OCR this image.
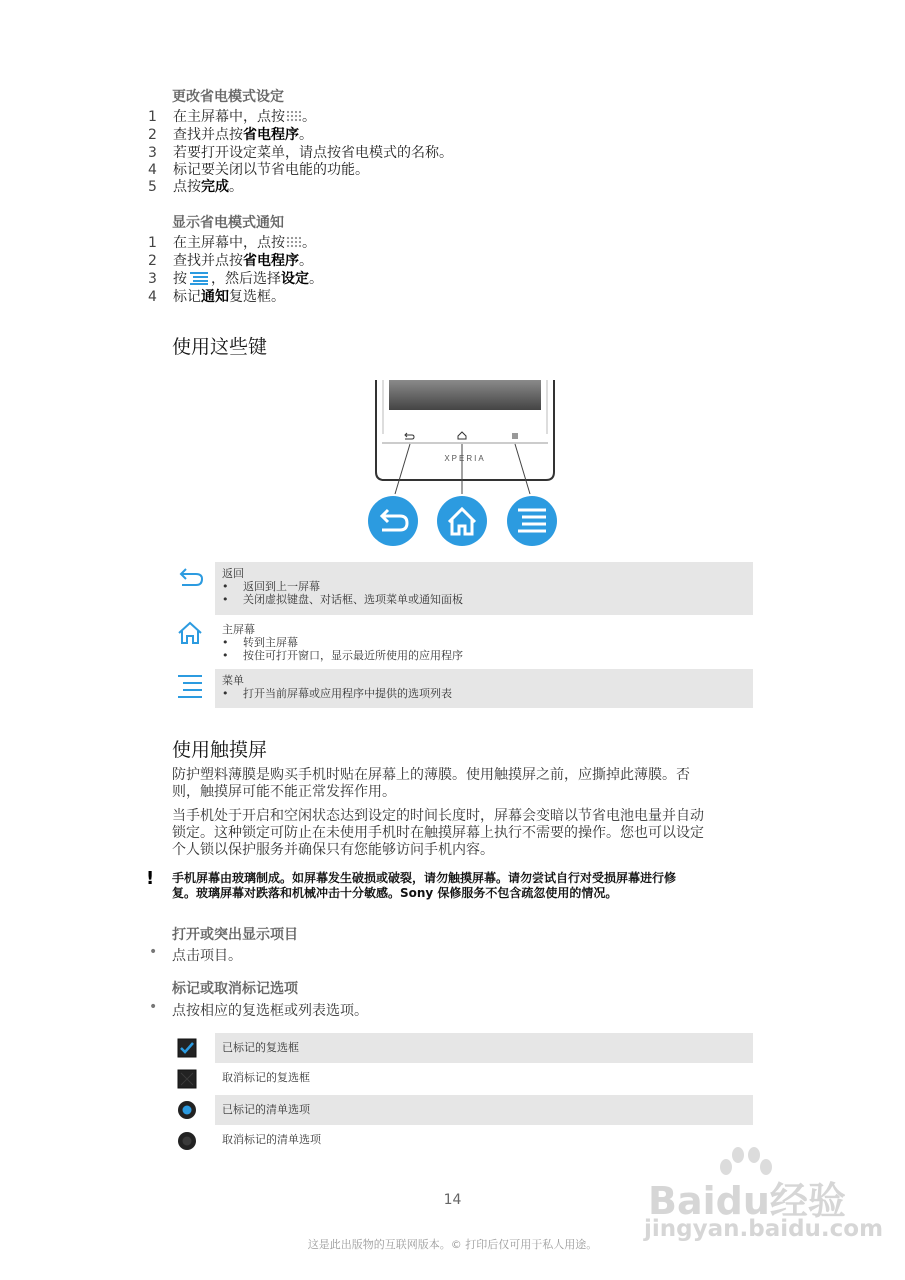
更改省电模式设定
1 在主屏幕中，点按 。
2 查找并点按省电程序。
3 若要打开设定菜单，请点按省电模式的名称。
4 标记要关闭以节省电能的功能。
5 点按完成。
显示省电模式通知
1 在主屏幕中，点按 。
2 查找并点按省电程序。
3 按 ，然后选择设定。
4 标记通知复选框。
使用这些键
XPERIA
返回
• 返回到上一屏幕
• 关闭虚拟键盘、对话框、选项菜单或通知面板
主屏幕
• 转到主屏幕
• 按住可打开窗口，显示最近所使用的应用程序
菜单
• 打开当前屏幕或应用程序中提供的选项列表
使用触摸屏
防护塑料薄膜是购买手机时贴在屏幕上的薄膜。使用触摸屏之前，应撕掉此薄膜。否
则，触摸屏可能不能正常发挥作用。
当手机处于开启和空闲状态达到设定的时间长度时，屏幕会变暗以节省电池电量并自动
锁定。这种锁定可防止在未使用手机时在触摸屏幕上执行不需要的操作。您也可以设定
个人锁以保护服务并确保只有您能够访问手机内容。
! 手机屏幕由玻璃制成。如屏幕发生破损或破裂，请勿触摸屏幕。请勿尝试自行对受损屏幕进行修
复。玻璃屏幕对跌落和机械冲击十分敏感。Sony 保修服务不包含疏忽使用的情况。
打开或突出显示项目
• 点击项目。
标记或取消标记选项
• 点按相应的复选框或列表选项。
已标记的复选框
取消标记的复选框
已标记的清单选项
取消标记的清单选项
14
这是此出版物的互联网版本。© 打印后仅可用于私人用途。
Baidu经验
jingyan.baidu.com
